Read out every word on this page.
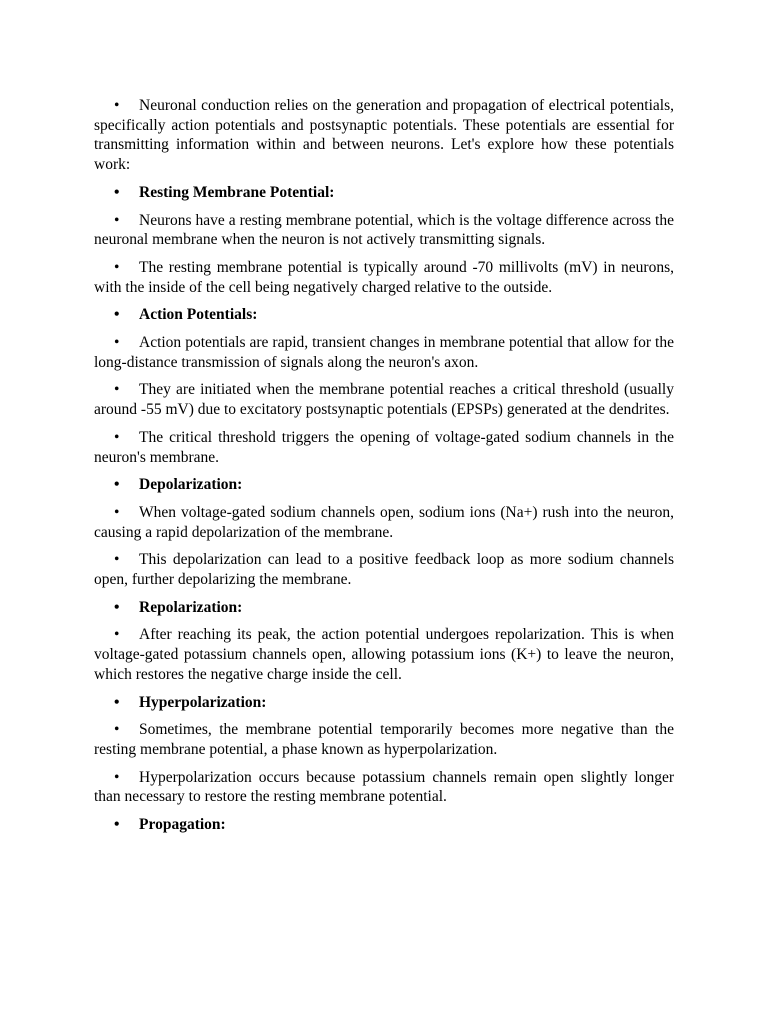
• Neuronal conduction relies on the generation and propagation of electrical potentials, specifically action potentials and postsynaptic potentials. These potentials are essential for transmitting information within and between neurons. Let's explore how these potentials work:

• Resting Membrane Potential:

• Neurons have a resting membrane potential, which is the voltage difference across the neuronal membrane when the neuron is not actively transmitting signals.

• The resting membrane potential is typically around -70 millivolts (mV) in neurons, with the inside of the cell being negatively charged relative to the outside.

• Action Potentials:

• Action potentials are rapid, transient changes in membrane potential that allow for the long-distance transmission of signals along the neuron's axon.

• They are initiated when the membrane potential reaches a critical threshold (usually around -55 mV) due to excitatory postsynaptic potentials (EPSPs) generated at the dendrites.

• The critical threshold triggers the opening of voltage-gated sodium channels in the neuron's membrane.

• Depolarization:

• When voltage-gated sodium channels open, sodium ions (Na+) rush into the neuron, causing a rapid depolarization of the membrane.

• This depolarization can lead to a positive feedback loop as more sodium channels open, further depolarizing the membrane.

• Repolarization:

• After reaching its peak, the action potential undergoes repolarization. This is when voltage-gated potassium channels open, allowing potassium ions (K+) to leave the neuron, which restores the negative charge inside the cell.

• Hyperpolarization:

• Sometimes, the membrane potential temporarily becomes more negative than the resting membrane potential, a phase known as hyperpolarization.

• Hyperpolarization occurs because potassium channels remain open slightly longer than necessary to restore the resting membrane potential.

• Propagation:
